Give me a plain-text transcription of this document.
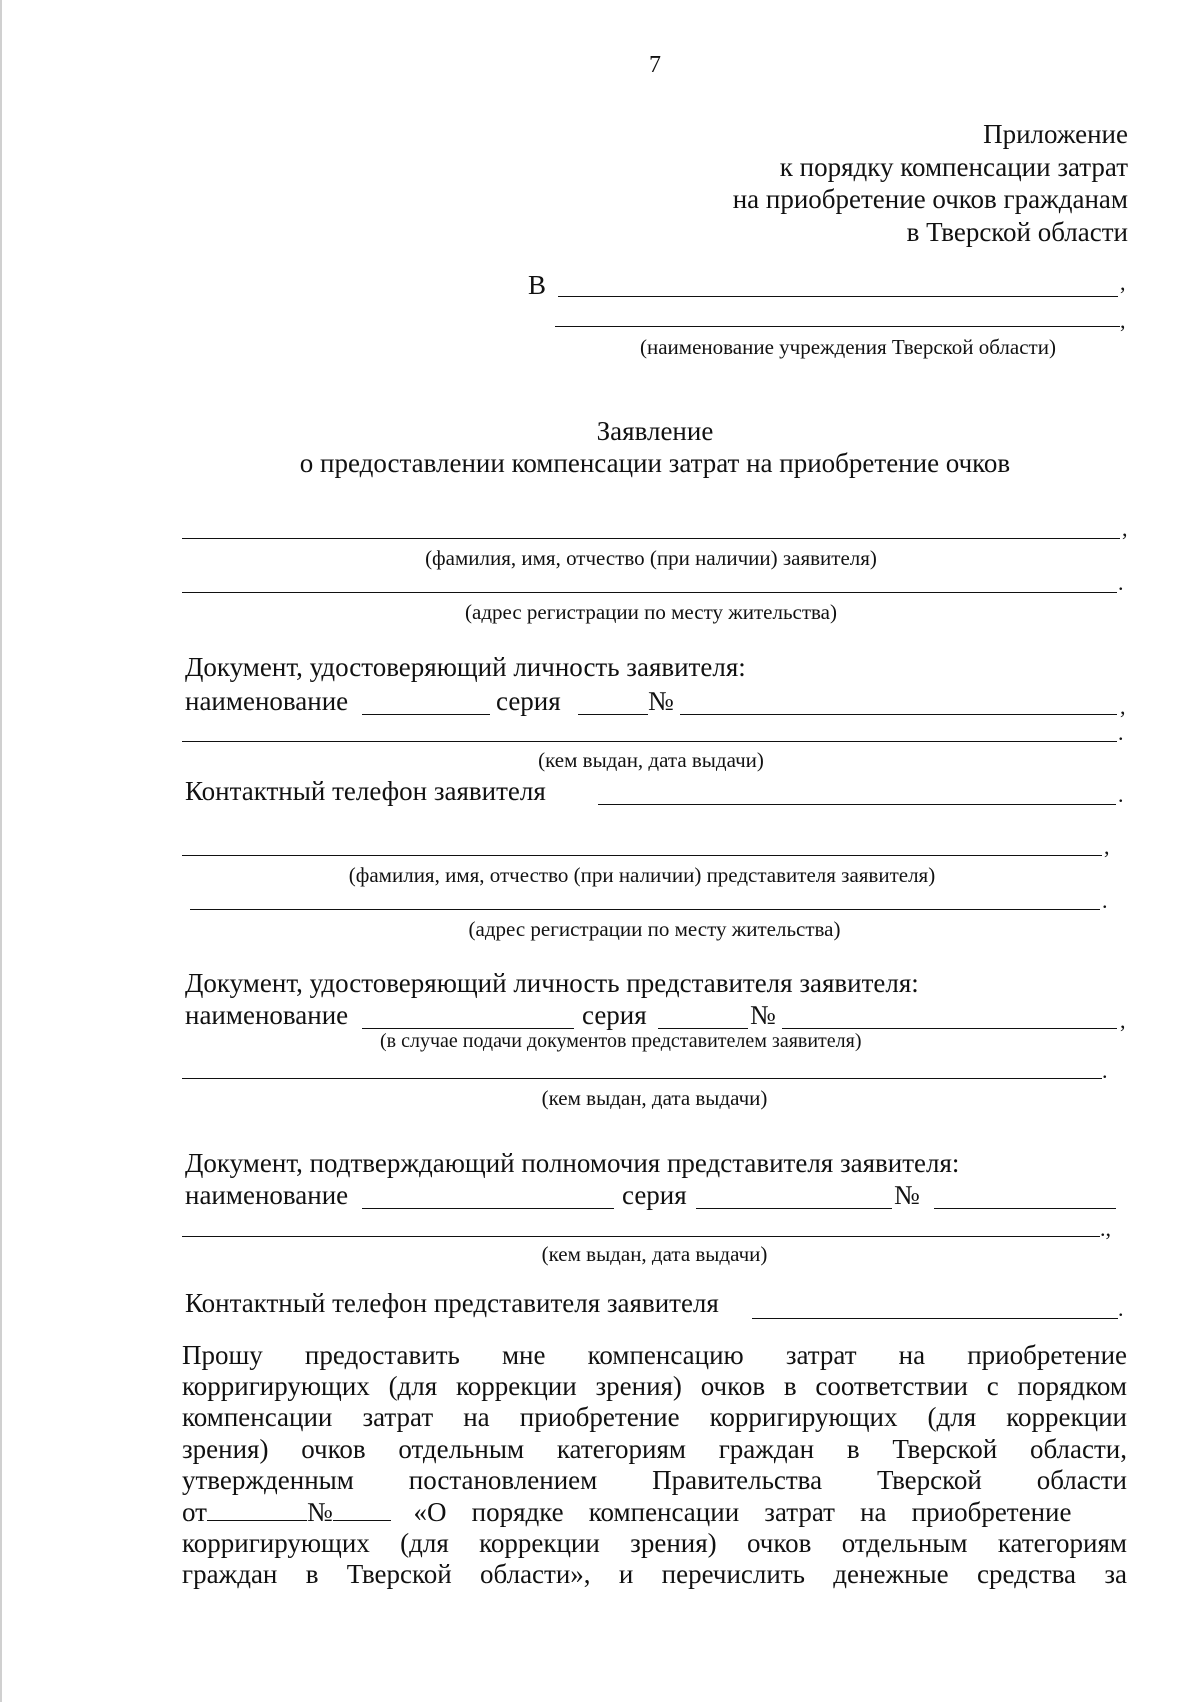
7
Приложение
к порядку компенсации затрат
на приобретение очков гражданам
в Тверской области
В	,
,
(наименование учреждения Тверской области)
Заявление
о предоставлении компенсации затрат на приобретение очков
,
(фамилия, имя, отчество (при наличии) заявителя)
.
(адрес регистрации по месту жительства)
Документ, удостоверяющий личность заявителя:
наименование	серия	№	,
.
(кем выдан, дата выдачи)
Контактный телефон заявителя	.
,
(фамилия, имя, отчество (при наличии) представителя заявителя)
.
(адрес регистрации по месту жительства)
Документ, удостоверяющий личность представителя заявителя:
наименование	серия	№	,
(в случае подачи документов представителем заявителя)
.
(кем выдан, дата выдачи)
Документ, подтверждающий полномочия представителя заявителя:
наименование	серия	№
.,
(кем выдан, дата выдачи)
Контактный телефон представителя заявителя	.
Прошу предоставить мне компенсацию затрат на приобретение
корригирующих (для коррекции зрения) очков в соответствии с порядком
компенсации затрат на приобретение корригирующих (для коррекции
зрения) очков отдельным категориям граждан в Тверской области,
утвержденным постановлением Правительства Тверской области
от	№	«О порядке компенсации затрат на приобретение
корригирующих (для коррекции зрения) очков отдельным категориям
граждан в Тверской области», и перечислить денежные средства за
